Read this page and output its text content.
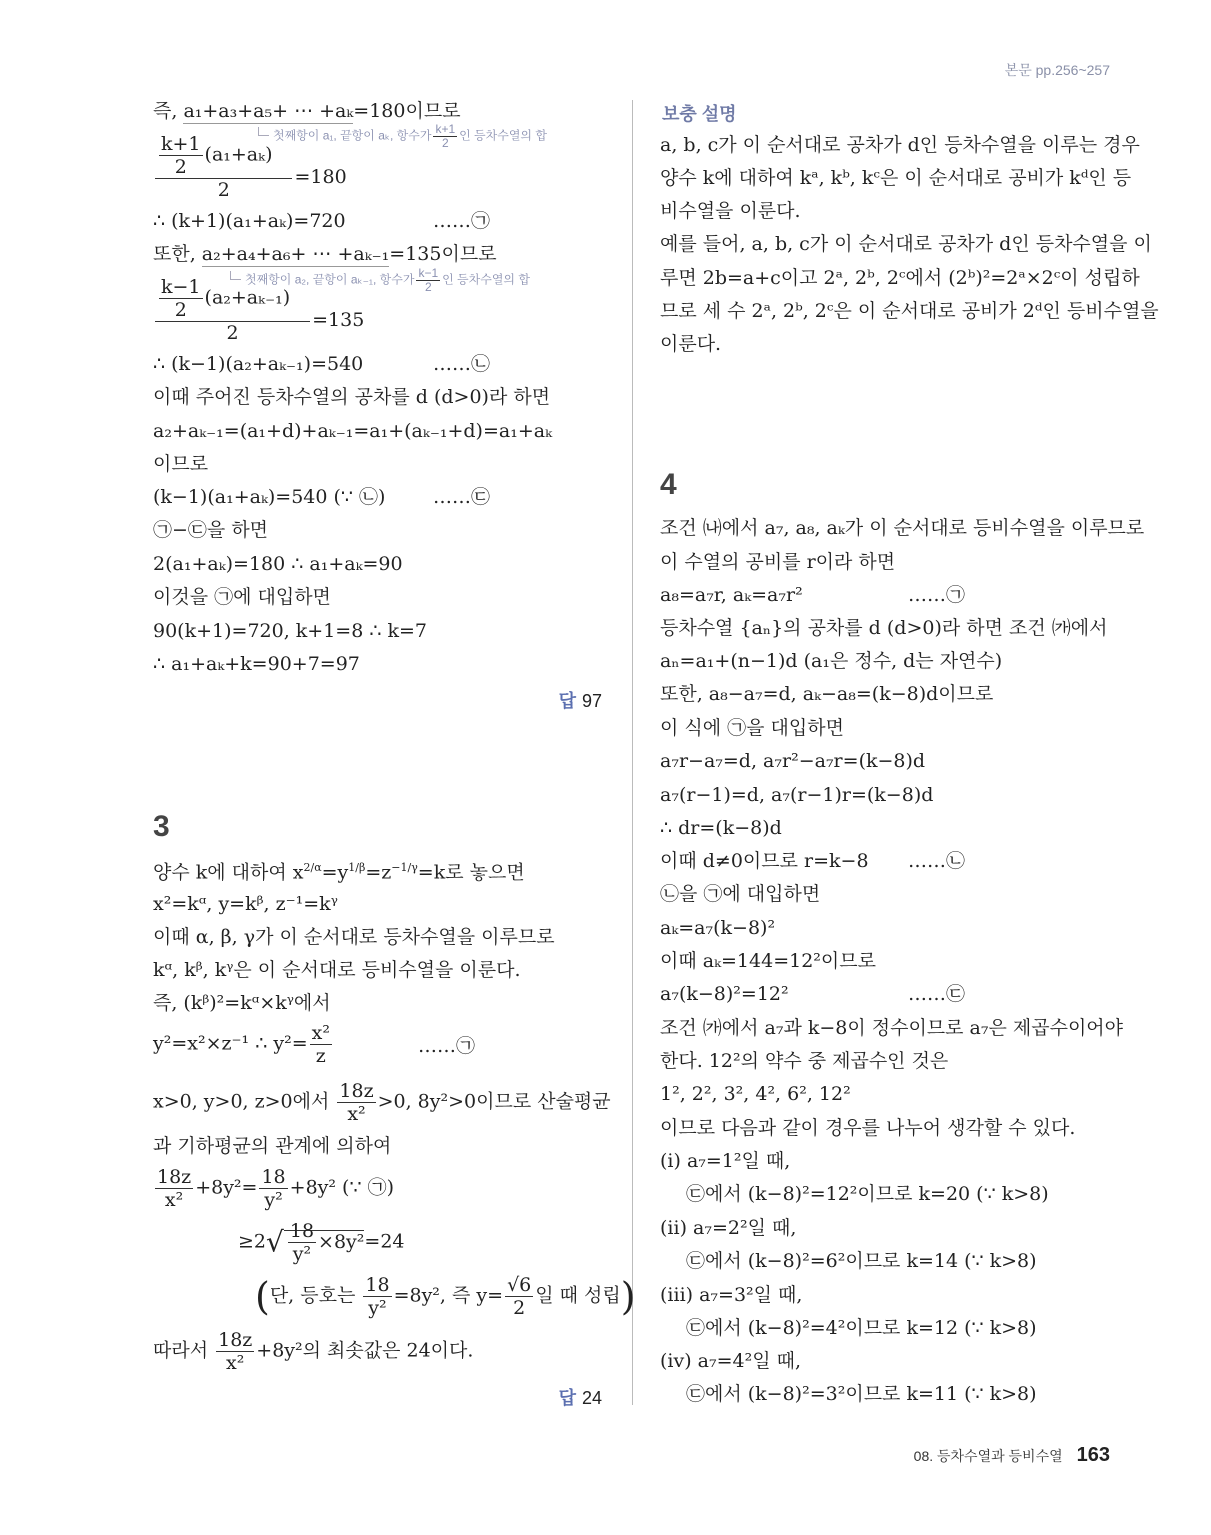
본문 pp.256~257
즉, a₁+a₃+a₅+ ⋯ +aₖ=180이므로
첫째항이 a₁, 끝항이 aₖ, 항수가 $\frac{k+1}{2}$ 인 등차수열의 합
$\frac{\frac{k+1}{2} (a_1+a_k)}{2} =180$
∴ (k+1)(a₁+aₖ)=720	……㉠
또한, a₂+a₄+a₆+ ⋯ +aₖ₋₁=135이므로
첫째항이 a₂, 끝항이 aₖ₋₁, 항수가 $\frac{k-1}{2}$ 인 등차수열의 합
$\frac{\frac{k-1}{2} (a_2+a_{k-1})}{2} =135$
∴ (k−1)(a₂+aₖ₋₁)=540	……㉡
이때 주어진 등차수열의 공차를 d (d>0)라 하면
a₂+aₖ₋₁=(a₁+d)+aₖ₋₁=a₁+(aₖ₋₁+d)=a₁+aₖ
이므로
(k−1)(a₁+aₖ)=540 (∵ ㉡)	……㉢
㉠−㉢을 하면
2(a₁+aₖ)=180 ∴ a₁+aₖ=90
이것을 ㉠에 대입하면
90(k+1)=720, k+1=8 ∴ k=7
∴ a₁+aₖ+k=90+7=97
답 97
3
양수 k에 대하여 $x^{2/\alpha}=y^{1/\beta}=z^{-1/\gamma}=k$로 놓으면
x²=kᵅ, y=kᵝ, z⁻¹=kᵞ
이때 α, β, γ가 이 순서대로 등차수열을 이루므로
kᵅ, kᵝ, kᵞ은 이 순서대로 등비수열을 이룬다.
즉, (kᵝ)²=kᵅ×kᵞ에서
y²=x²×z⁻¹ ∴ $y^2= \frac{\text{x²}}{z}$	……㉠
x>0, y>0, z>0에서 $\frac{18z}{\text{x²}} >0$, 8y²>0이므로 산술평균
과 기하평균의 관계에 의하여
$\frac{18z}{\text{x²}} +8y^2= \frac{18}{\text{y²}} +8y^2$ (∵ ㉠)
$\ge 2√ \frac{18}{\text{y²}} \times 8y^2=24$
(단, 등호는 $\frac{18}{\text{y²}} =8y^2$, 즉 $y= \frac{√6}{2}$ 일 때 성립)
따라서 $\frac{18z}{\text{x²}} +8y^2$의 최솟값은 24이다.
답 24
보충 설명
a, b, c가 이 순서대로 공차가 d인 등차수열을 이루는 경우
양수 k에 대하여 kᵃ, kᵇ, kᶜ은 이 순서대로 공비가 kᵈ인 등
비수열을 이룬다.
예를 들어, a, b, c가 이 순서대로 공차가 d인 등차수열을 이
루면 2b=a+c이고 2ᵃ, 2ᵇ, 2ᶜ에서 (2ᵇ)²=2ᵃ×2ᶜ이 성립하
므로 세 수 2ᵃ, 2ᵇ, 2ᶜ은 이 순서대로 공비가 2ᵈ인 등비수열을
이룬다.
4
조건 ㈏에서 a₇, a₈, aₖ가 이 순서대로 등비수열을 이루므로
이 수열의 공비를 r이라 하면
a₈=a₇r, aₖ=a₇r²	……㉠
등차수열 {aₙ}의 공차를 d (d>0)라 하면 조건 ㈎에서
aₙ=a₁+(n−1)d (a₁은 정수, d는 자연수)
또한, a₈−a₇=d, aₖ−a₈=(k−8)d이므로
이 식에 ㉠을 대입하면
a₇r−a₇=d, a₇r²−a₇r=(k−8)d
a₇(r−1)=d, a₇(r−1)r=(k−8)d
∴ dr=(k−8)d
이때 d≠0이므로 r=k−8 ……㉡
㉡을 ㉠에 대입하면
aₖ=a₇(k−8)²
이때 aₖ=144=12²이므로
a₇(k−8)²=12²	……㉢
조건 ㈎에서 a₇과 k−8이 정수이므로 a₇은 제곱수이어야
한다. 12²의 약수 중 제곱수인 것은
1², 2², 3², 4², 6², 12²
이므로 다음과 같이 경우를 나누어 생각할 수 있다.
(i) a₇=1²일 때,
㉢에서 (k−8)²=12²이므로 k=20 (∵ k>8)
(ii) a₇=2²일 때,
㉢에서 (k−8)²=6²이므로 k=14 (∵ k>8)
(iii) a₇=3²일 때,
㉢에서 (k−8)²=4²이므로 k=12 (∵ k>8)
(iv) a₇=4²일 때,
㉢에서 (k−8)²=3²이므로 k=11 (∵ k>8)
08. 등차수열과 등비수열 163
